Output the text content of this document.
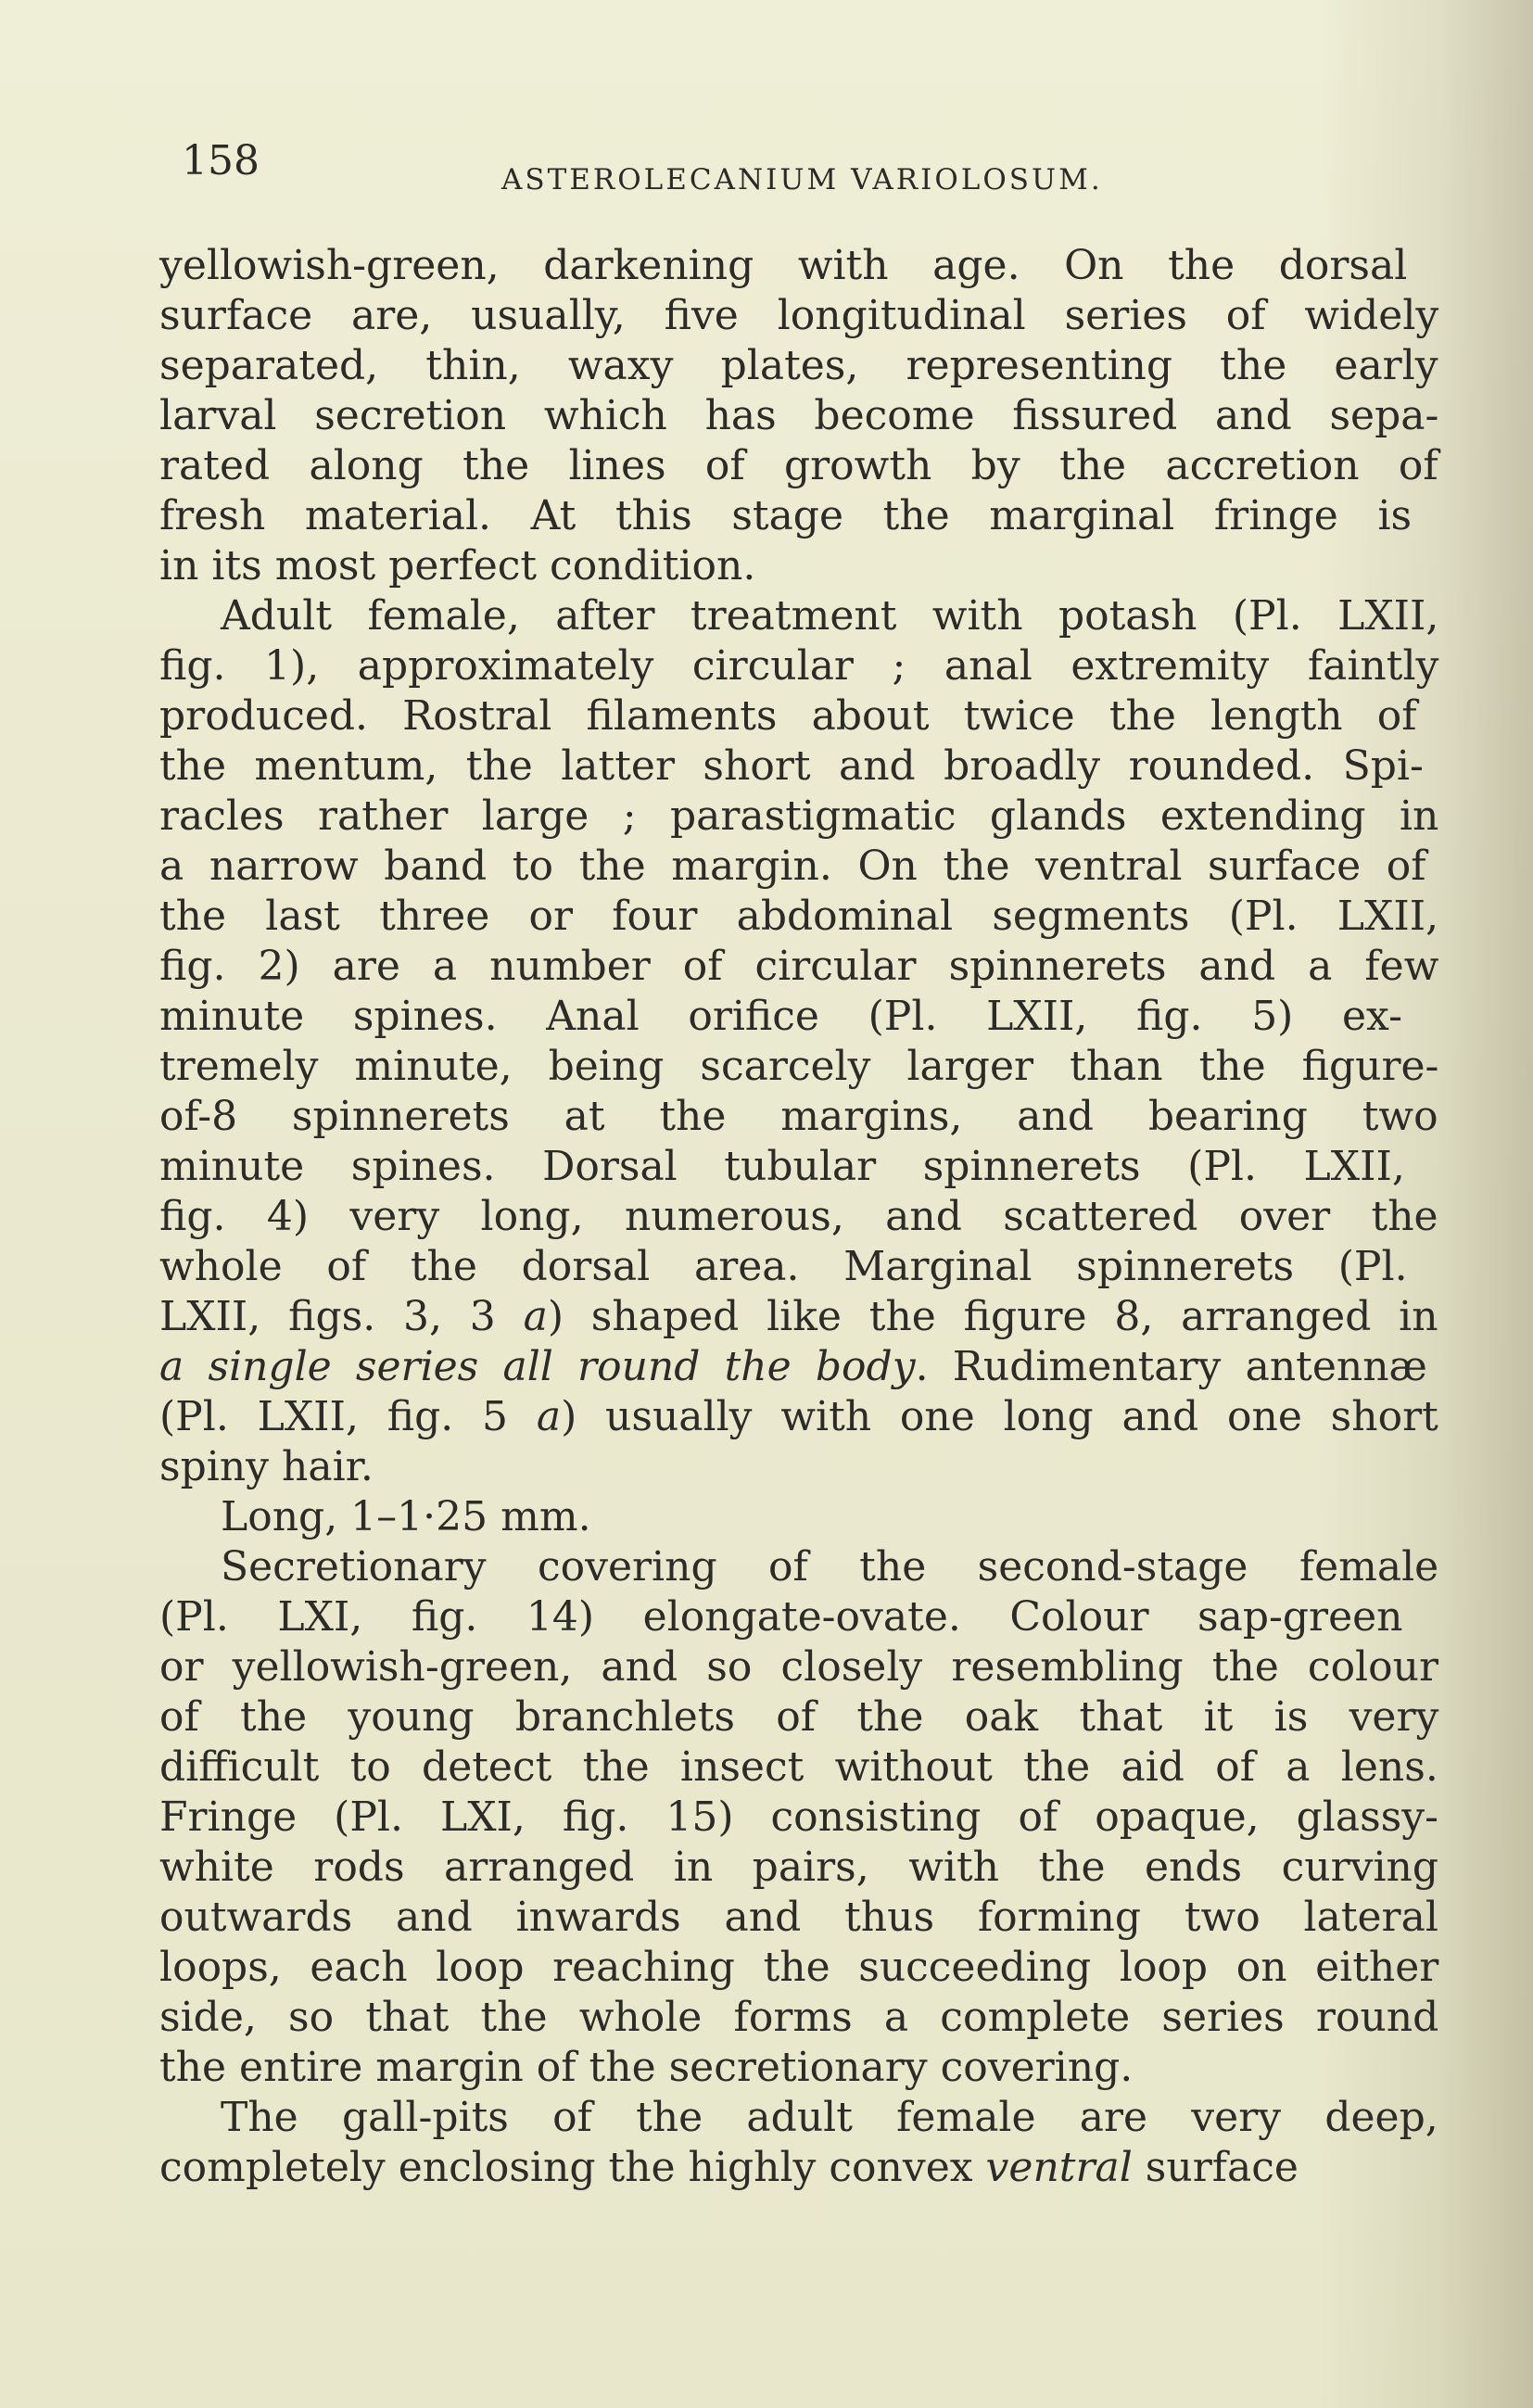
158	ASTEROLECANIUM VARIOLOSUM.
yellowish-green, darkening with age. On the dorsal
surface are, usually, five longitudinal series of widely
separated, thin, waxy plates, representing the early
larval secretion which has become fissured and sepa-
rated along the lines of growth by the accretion of
fresh material. At this stage the marginal fringe is
in its most perfect condition.
Adult female, after treatment with potash (Pl. LXII,
fig. 1), approximately circular ; anal extremity faintly
produced. Rostral filaments about twice the length of
the mentum, the latter short and broadly rounded. Spi-
racles rather large ; parastigmatic glands extending in
a narrow band to the margin. On the ventral surface of
the last three or four abdominal segments (Pl. LXII,
fig. 2) are a number of circular spinnerets and a few
minute spines. Anal orifice (Pl. LXII, fig. 5) ex-
tremely minute, being scarcely larger than the figure-
of-8 spinnerets at the margins, and bearing two
minute spines. Dorsal tubular spinnerets (Pl. LXII,
fig. 4) very long, numerous, and scattered over the
whole of the dorsal area. Marginal spinnerets (Pl.
LXII, figs. 3, 3 a) shaped like the figure 8, arranged in
a single series all round the body. Rudimentary antennæ
(Pl. LXII, fig. 5 a) usually with one long and one short
spiny hair.
Long, 1–1·25 mm.
Secretionary covering of the second-stage female
(Pl. LXI, fig. 14) elongate-ovate. Colour sap-green
or yellowish-green, and so closely resembling the colour
of the young branchlets of the oak that it is very
difficult to detect the insect without the aid of a lens.
Fringe (Pl. LXI, fig. 15) consisting of opaque, glassy-
white rods arranged in pairs, with the ends curving
outwards and inwards and thus forming two lateral
loops, each loop reaching the succeeding loop on either
side, so that the whole forms a complete series round
the entire margin of the secretionary covering.
The gall-pits of the adult female are very deep,
completely enclosing the highly convex ventral surface
